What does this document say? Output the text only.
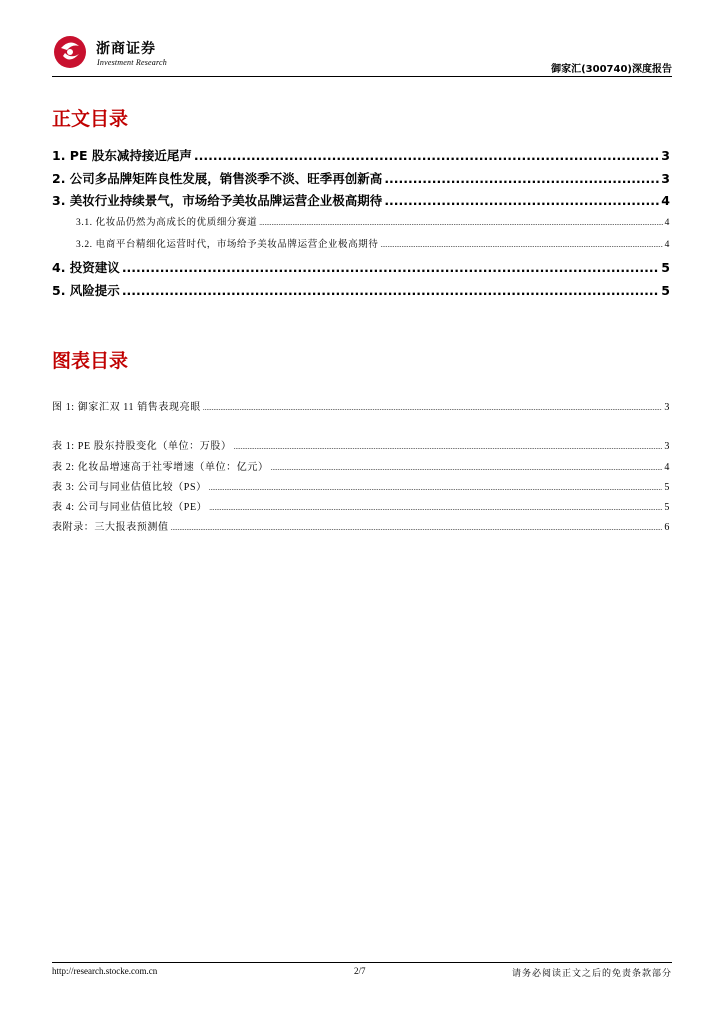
浙商证券
Investment Research
御家汇(300740)深度报告
正文目录
1. PE 股东减持接近尾声 .....	3
2. 公司多品牌矩阵良性发展，销售淡季不淡、旺季再创新高 .....	3
3. 美妆行业持续景气，市场给予美妆品牌运营企业极高期待 .....	4
3.1. 化妆品仍然为高成长的优质细分赛道 .....	4
3.2. 电商平台精细化运营时代，市场给予美妆品牌运营企业极高期待 .....	4
4. 投资建议 .....	5
5. 风险提示 .....	5
图表目录
图 1: 御家汇双 11 销售表现亮眼 .....	3
表 1: PE 股东持股变化（单位：万股） .....	3
表 2: 化妆品增速高于社零增速（单位：亿元） .....	4
表 3: 公司与同业估值比较（PS） .....	5
表 4: 公司与同业估值比较（PE） .....	5
表附录：三大报表预测值 .....	6
http://research.stocke.com.cn	2/7	请务必阅读正文之后的免责条款部分
